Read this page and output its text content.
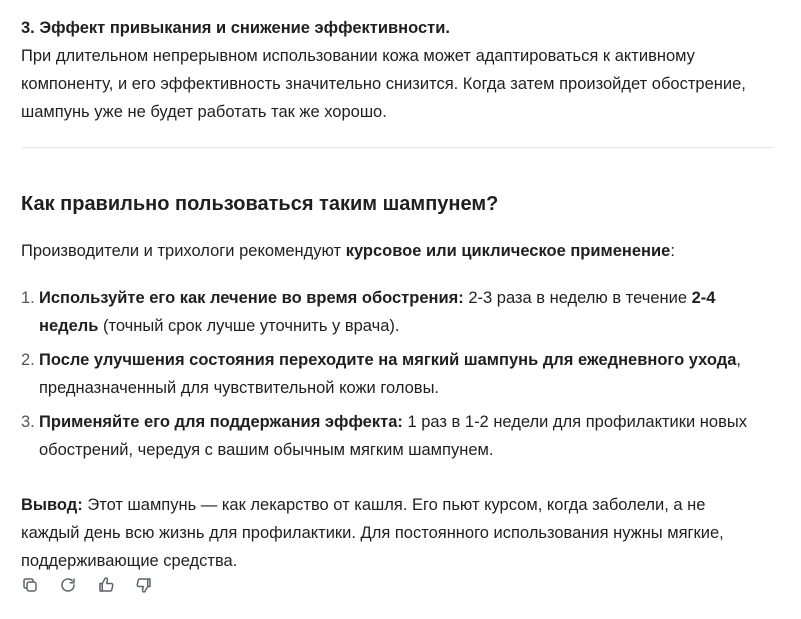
3. Эффект привыкания и снижение эффективности.

При длительном непрерывном использовании кожа может адаптироваться к активному компоненту, и его эффективность значительно снизится. Когда затем произойдет обострение, шампунь уже не будет работать так же хорошо.

Как правильно пользоваться таким шампунем?

Производители и трихологи рекомендуют курсовое или циклическое применение:

1. Используйте его как лечение во время обострения: 2-3 раза в неделю в течение 2-4 недель (точный срок лучше уточнить у врача).
2. После улучшения состояния переходите на мягкий шампунь для ежедневного ухода, предназначенный для чувствительной кожи головы.
3. Применяйте его для поддержания эффекта: 1 раз в 1-2 недели для профилактики новых обострений, чередуя с вашим обычным мягким шампунем.

Вывод: Этот шампунь — как лекарство от кашля. Его пьют курсом, когда заболели, а не каждый день всю жизнь для профилактики. Для постоянного использования нужны мягкие, поддерживающие средства.
